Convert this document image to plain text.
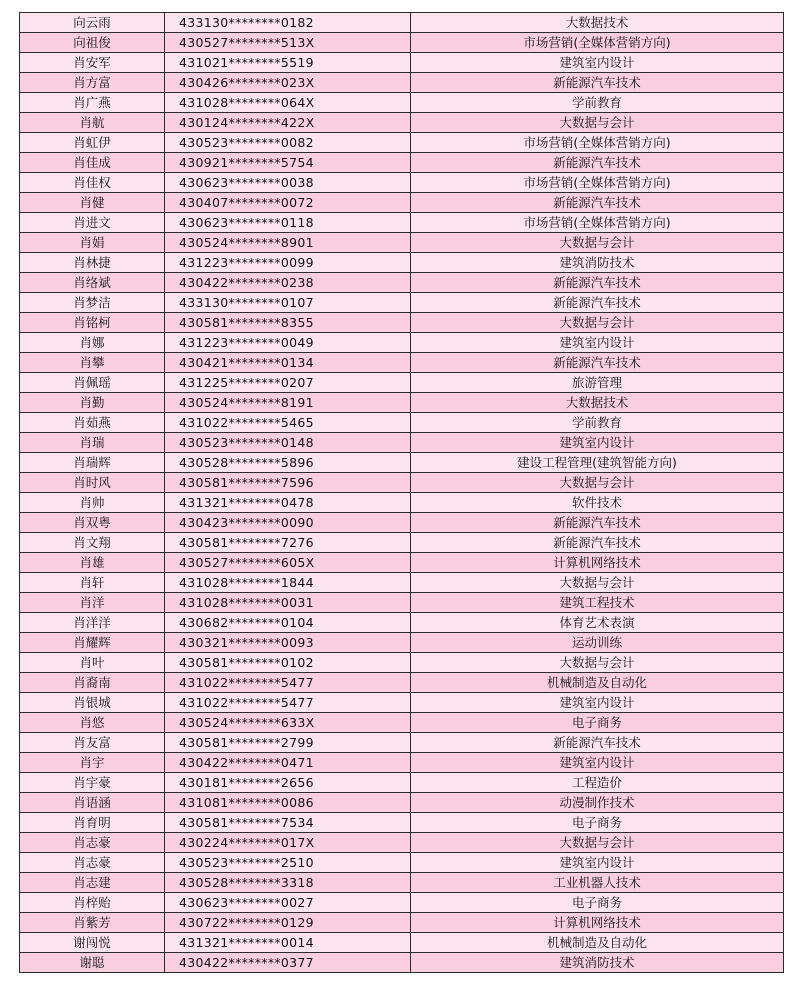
向云雨	433130********0182	大数据技术
向祖俊	430527********513X	市场营销(全媒体营销方向)
肖安军	431021********5519	建筑室内设计
肖方富	430426********023X	新能源汽车技术
肖广燕	431028********064X	学前教育
肖航	430124********422X	大数据与会计
肖虹伊	430523********0082	市场营销(全媒体营销方向)
肖佳成	430921********5754	新能源汽车技术
肖佳权	430623********0038	市场营销(全媒体营销方向)
肖健	430407********0072	新能源汽车技术
肖进文	430623********0118	市场营销(全媒体营销方向)
肖娟	430524********8901	大数据与会计
肖林捷	431223********0099	建筑消防技术
肖络斌	430422********0238	新能源汽车技术
肖梦洁	433130********0107	新能源汽车技术
肖铭柯	430581********8355	大数据与会计
肖娜	431223********0049	建筑室内设计
肖攀	430421********0134	新能源汽车技术
肖佩瑶	431225********0207	旅游管理
肖勤	430524********8191	大数据技术
肖茹燕	431022********5465	学前教育
肖瑞	430523********0148	建筑室内设计
肖瑞辉	430528********5896	建设工程管理(建筑智能方向)
肖时风	430581********7596	大数据与会计
肖帅	431321********0478	软件技术
肖双粤	430423********0090	新能源汽车技术
肖文翔	430581********7276	新能源汽车技术
肖雄	430527********605X	计算机网络技术
肖轩	431028********1844	大数据与会计
肖洋	431028********0031	建筑工程技术
肖洋洋	430682********0104	体育艺术表演
肖耀辉	430321********0093	运动训练
肖叶	430581********0102	大数据与会计
肖裔南	431022********5477	机械制造及自动化
肖银城	431022********5477	建筑室内设计
肖悠	430524********633X	电子商务
肖友富	430581********2799	新能源汽车技术
肖宇	430422********0471	建筑室内设计
肖宇豪	430181********2656	工程造价
肖语涵	431081********0086	动漫制作技术
肖育明	430581********7534	电子商务
肖志豪	430224********017X	大数据与会计
肖志豪	430523********2510	建筑室内设计
肖志建	430528********3318	工业机器人技术
肖梓贻	430623********0027	电子商务
肖紫芳	430722********0129	计算机网络技术
谢闯悦	431321********0014	机械制造及自动化
谢聪	430422********0377	建筑消防技术
